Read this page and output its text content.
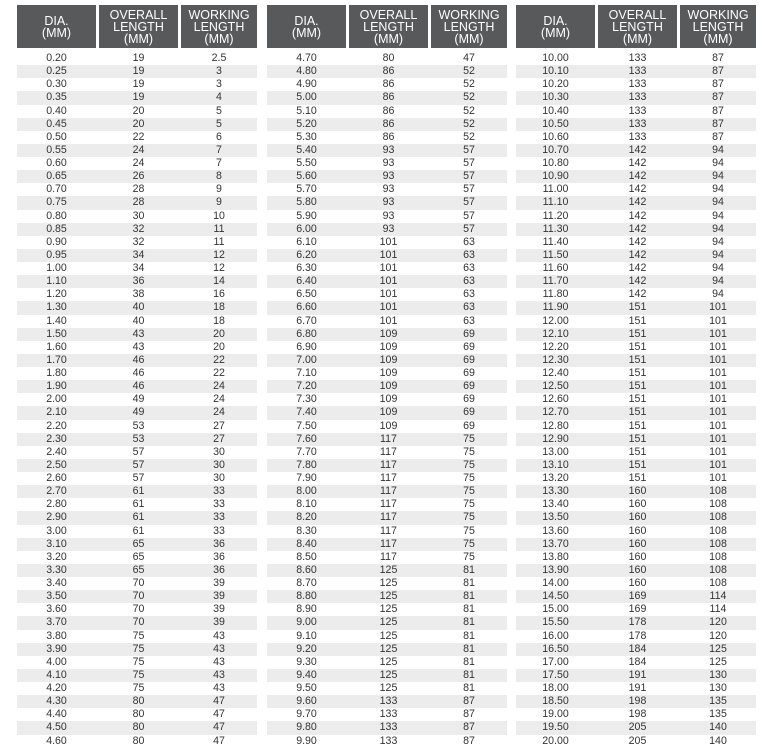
DIA.
(MM)
OVERALL
LENGTH
(MM)
WORKING
LENGTH
(MM)
0.20	19	2.5
0.25	19	3
0.30	19	3
0.35	19	4
0.40	20	5
0.45	20	5
0.50	22	6
0.55	24	7
0.60	24	7
0.65	26	8
0.70	28	9
0.75	28	9
0.80	30	10
0.85	32	11
0.90	32	11
0.95	34	12
1.00	34	12
1.10	36	14
1.20	38	16
1.30	40	18
1.40	40	18
1.50	43	20
1.60	43	20
1.70	46	22
1.80	46	22
1.90	46	24
2.00	49	24
2.10	49	24
2.20	53	27
2.30	53	27
2.40	57	30
2.50	57	30
2.60	57	30
2.70	61	33
2.80	61	33
2.90	61	33
3.00	61	33
3.10	65	36
3.20	65	36
3.30	65	36
3.40	70	39
3.50	70	39
3.60	70	39
3.70	70	39
3.80	75	43
3.90	75	43
4.00	75	43
4.10	75	43
4.20	75	43
4.30	80	47
4.40	80	47
4.50	80	47
4.60	80	47
DIA.
(MM)
OVERALL
LENGTH
(MM)
WORKING
LENGTH
(MM)
4.70	80	47
4.80	86	52
4.90	86	52
5.00	86	52
5.10	86	52
5.20	86	52
5.30	86	52
5.40	93	57
5.50	93	57
5.60	93	57
5.70	93	57
5.80	93	57
5.90	93	57
6.00	93	57
6.10	101	63
6.20	101	63
6.30	101	63
6.40	101	63
6.50	101	63
6.60	101	63
6.70	101	63
6.80	109	69
6.90	109	69
7.00	109	69
7.10	109	69
7.20	109	69
7.30	109	69
7.40	109	69
7.50	109	69
7.60	117	75
7.70	117	75
7.80	117	75
7.90	117	75
8.00	117	75
8.10	117	75
8.20	117	75
8.30	117	75
8.40	117	75
8.50	117	75
8.60	125	81
8.70	125	81
8.80	125	81
8.90	125	81
9.00	125	81
9.10	125	81
9.20	125	81
9.30	125	81
9.40	125	81
9.50	125	81
9.60	133	87
9.70	133	87
9.80	133	87
9.90	133	87
DIA.
(MM)
OVERALL
LENGTH
(MM)
WORKING
LENGTH
(MM)
10.00	133	87
10.10	133	87
10.20	133	87
10.30	133	87
10.40	133	87
10.50	133	87
10.60	133	87
10.70	142	94
10.80	142	94
10.90	142	94
11.00	142	94
11.10	142	94
11.20	142	94
11.30	142	94
11.40	142	94
11.50	142	94
11.60	142	94
11.70	142	94
11.80	142	94
11.90	151	101
12.00	151	101
12.10	151	101
12.20	151	101
12.30	151	101
12.40	151	101
12.50	151	101
12.60	151	101
12.70	151	101
12.80	151	101
12.90	151	101
13.00	151	101
13.10	151	101
13.20	151	101
13.30	160	108
13.40	160	108
13.50	160	108
13.60	160	108
13.70	160	108
13.80	160	108
13.90	160	108
14.00	160	108
14.50	169	114
15.00	169	114
15.50	178	120
16.00	178	120
16.50	184	125
17.00	184	125
17.50	191	130
18.00	191	130
18.50	198	135
19.00	198	135
19.50	205	140
20.00	205	140
